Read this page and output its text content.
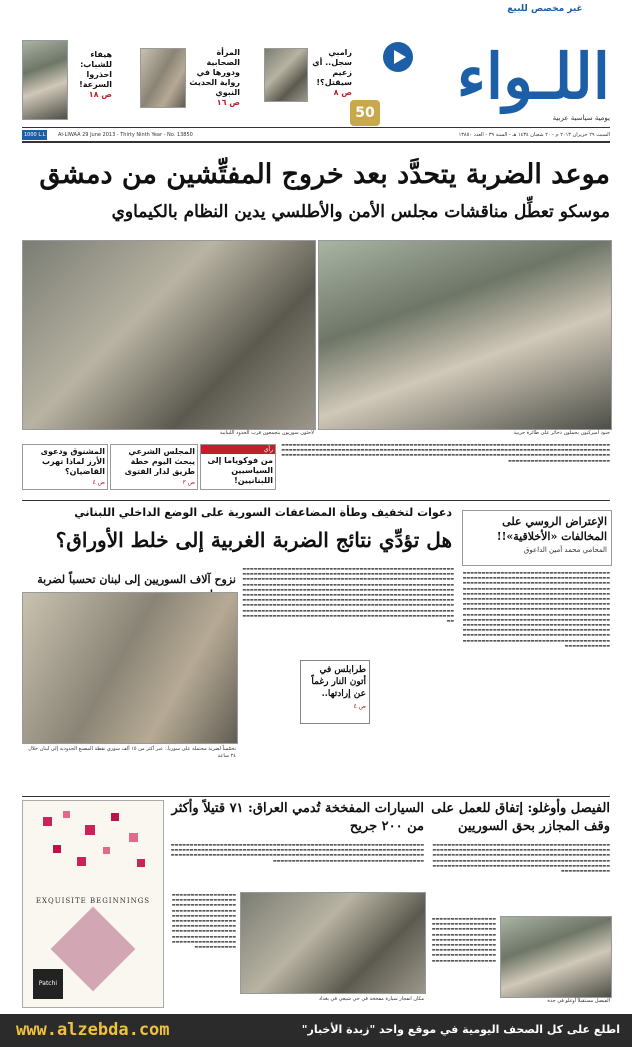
غير مخصص للبيع
اللـواء
يومية سياسية عربية
50
رامبي سجل.. أي زعيم سيقتل؟!
ص ٨
المرأة الصحابية ودورها في رواية الحديث النبوي
ص ١٦
هيفاء للشباب: احذروا السرعة!
ص ١٨
1000 L.L	Al-LIWAA 29 June 2013 - Thirty Ninth Year - No. 13850	السبت ٢٩ حزيران ٢٠١٣ م - ٢٠ شعبان ١٤٣٤ هـ - السنة ٣٩ - العدد ١٣٨٥٠
موعد الضربة يتحدَّد بعد خروج المفتِّشين من دمشق
موسكو تعطِّل مناقشات مجلس الأمن والأطلسي يدين النظام بالكيماوي
لاجئون سوريون يتجمعون قرب الحدود اللبنانية	جنود أميركيون يحملون ذخائر على طائرة حربية
▬▬▬▬▬▬▬▬▬▬▬▬▬▬▬▬▬▬▬▬▬▬▬▬▬▬▬▬▬▬▬▬▬▬▬▬▬▬▬▬▬▬▬▬▬▬▬▬▬▬▬▬▬▬▬▬▬▬▬▬▬▬▬▬▬▬▬▬▬▬▬▬▬▬▬▬▬▬▬▬▬▬▬▬▬▬▬▬▬▬▬▬▬▬▬▬▬▬▬▬▬▬▬▬▬▬▬▬▬▬▬▬▬▬▬▬▬▬▬▬▬▬▬▬▬▬▬▬▬▬▬▬▬▬▬▬▬▬▬▬▬▬▬▬▬▬▬▬▬▬▬▬▬▬▬▬▬▬▬▬▬▬▬▬▬▬▬▬▬▬▬▬▬▬▬▬▬▬▬▬▬▬▬▬▬▬▬▬▬▬▬▬▬▬▬▬▬▬▬▬▬▬▬▬▬▬▬▬▬▬▬▬▬▬▬▬▬▬▬▬▬▬▬▬▬▬▬▬▬▬▬▬▬▬▬▬▬▬▬▬▬▬▬▬▬▬▬▬▬▬▬▬▬▬▬▬▬▬▬▬▬▬▬▬▬▬▬▬▬▬▬▬▬▬▬▬▬▬▬▬▬▬▬▬▬▬▬▬
رأي
من فوكوياما إلى السياسيين اللبنانيين!
المجلس الشرعي يبحث اليوم خطة طريق لدار الفتوى
ص ٣
المشنوق ودعوى الأرز لماذا تهرب القاضيان؟
ص ٤
دعوات لتخفيف وطأة المضاعفات السورية على الوضع الداخلي اللبناني
هل تؤدِّي نتائج الضربة الغربية إلى خلط الأوراق؟
الإعتراض الروسي على المخالفات «الأخلاقية»!!
المحامي محمد أمين الداعوق
▬▬▬▬▬▬▬▬▬▬▬▬▬▬▬▬▬▬▬▬▬▬▬▬▬▬▬▬▬▬▬▬▬▬▬▬▬▬▬▬▬▬▬▬▬▬▬▬▬▬▬▬▬▬▬▬▬▬▬▬▬▬▬▬▬▬▬▬▬▬▬▬▬▬▬▬▬▬▬▬▬▬▬▬▬▬▬▬▬▬▬▬▬▬▬▬▬▬▬▬▬▬▬▬▬▬▬▬▬▬▬▬▬▬▬▬▬▬▬▬▬▬▬▬▬▬▬▬▬▬▬▬▬▬▬▬▬▬▬▬▬▬▬▬▬▬▬▬▬▬▬▬▬▬▬▬▬▬▬▬▬▬▬▬▬▬▬▬▬▬▬▬▬▬▬▬▬▬▬▬▬▬▬▬▬▬▬▬▬▬▬▬▬▬▬▬▬▬▬▬▬▬▬▬▬▬▬▬▬▬▬▬▬▬▬▬▬▬▬▬▬▬▬▬▬▬▬▬▬▬▬▬▬▬▬▬▬▬▬▬▬▬▬▬▬▬▬▬▬▬▬▬▬▬▬▬▬▬▬▬▬▬▬▬▬▬▬▬▬▬▬▬▬▬▬▬▬▬▬▬▬▬▬▬▬▬▬▬▬▬▬▬▬▬▬▬▬▬▬▬▬▬▬▬▬▬▬▬▬▬▬▬▬▬▬▬▬▬▬▬▬▬▬▬▬▬▬▬▬▬▬▬▬▬▬▬▬▬▬▬▬▬▬▬▬▬▬▬▬▬▬▬▬▬▬▬▬▬▬▬▬▬▬▬▬▬▬▬▬▬▬▬▬▬▬▬▬▬▬▬▬▬▬▬▬▬▬▬▬▬▬▬▬▬▬▬▬▬▬▬▬▬▬▬▬▬▬▬▬▬▬▬▬▬▬▬▬▬▬▬▬▬▬▬▬▬▬▬▬▬▬▬▬▬▬▬▬▬▬▬▬▬▬▬▬▬▬▬▬▬▬▬▬▬▬▬▬▬▬▬▬▬▬▬▬▬▬▬▬▬▬▬▬▬▬▬▬▬▬▬▬▬▬▬▬▬▬▬▬▬▬▬▬▬▬▬▬▬▬▬▬▬▬▬▬▬▬▬▬▬▬▬▬▬▬▬▬▬▬▬▬▬▬▬▬▬▬▬▬▬▬▬▬▬▬▬▬▬▬▬▬▬▬▬▬▬▬▬▬▬▬▬▬▬▬▬▬▬
▬▬▬▬▬▬▬▬▬▬▬▬▬▬▬▬▬▬▬▬▬▬▬▬▬▬▬▬▬▬▬▬▬▬▬▬▬▬▬▬▬▬▬▬▬▬▬▬▬▬▬▬▬▬▬▬▬▬▬▬▬▬▬▬▬▬▬▬▬▬▬▬▬▬▬▬▬▬▬▬▬▬▬▬▬▬▬▬▬▬▬▬▬▬▬▬▬▬▬▬▬▬▬▬▬▬▬▬▬▬▬▬▬▬▬▬▬▬▬▬▬▬▬▬▬▬▬▬▬▬▬▬▬▬▬▬▬▬▬▬▬▬▬▬▬▬▬▬▬▬▬▬▬▬▬▬▬▬▬▬▬▬▬▬▬▬▬▬▬▬▬▬▬▬▬▬▬▬▬▬▬▬▬▬▬▬▬▬▬▬▬▬▬▬▬▬▬▬▬▬▬▬▬▬▬▬▬▬▬▬▬▬▬▬▬▬▬▬▬▬▬▬▬▬▬▬▬▬▬▬▬▬▬▬▬▬▬▬▬▬▬▬▬▬▬▬▬▬▬▬▬▬▬▬▬▬▬▬▬▬▬▬▬▬▬▬▬▬▬▬▬▬▬▬▬▬▬▬▬▬▬▬▬▬▬▬▬▬▬▬▬▬▬▬▬▬▬▬▬▬▬▬▬▬▬▬▬▬▬▬▬▬▬▬▬▬▬▬▬▬▬▬▬▬▬▬▬▬▬▬▬▬▬▬▬▬▬▬▬▬▬▬▬▬▬▬▬▬▬▬▬▬▬▬▬▬▬▬▬▬▬▬▬▬▬▬▬▬▬▬▬▬▬▬▬▬▬▬▬▬▬▬▬▬▬▬▬▬▬▬▬▬▬▬▬▬▬▬▬▬▬▬▬▬▬▬▬▬▬▬▬▬▬▬▬▬▬▬▬▬▬▬▬▬▬▬▬▬▬▬▬▬▬▬▬▬▬▬▬▬▬▬▬▬▬▬▬▬▬▬▬▬▬▬▬▬▬▬▬▬▬▬▬▬▬▬▬▬▬▬▬▬▬▬▬▬▬▬▬▬▬▬▬▬▬▬▬▬▬▬▬▬▬▬▬▬▬▬▬▬▬▬▬▬▬▬▬▬▬▬▬▬▬▬▬▬▬▬▬▬▬▬▬▬▬▬▬▬▬▬▬▬▬▬▬▬▬▬▬▬▬▬▬▬▬▬▬▬▬▬▬▬▬▬▬▬▬▬▬▬▬▬
طرابلس في أتون النار رغماً عن إرادتها..
ص ٤
نزوح آلاف السوريين إلى لبنان تحسباً لضربة
تحمّساً لضربة محتملة على سوريا.. عبر أكثر من ١٥ ألف سوري نقطة المصنع الحدودية إلى لبنان خلال ٢٤ ساعة
الفيصل وأوغلو: إتفاق للعمل على وقف المجازر بحق السوريين
▬▬▬▬▬▬▬▬▬▬▬▬▬▬▬▬▬▬▬▬▬▬▬▬▬▬▬▬▬▬▬▬▬▬▬▬▬▬▬▬▬▬▬▬▬▬▬▬▬▬▬▬▬▬▬▬▬▬▬▬▬▬▬▬▬▬▬▬▬▬▬▬▬▬▬▬▬▬▬▬▬▬▬▬▬▬▬▬▬▬▬▬▬▬▬▬▬▬▬▬▬▬▬▬▬▬▬▬▬▬▬▬▬▬▬▬▬▬▬▬▬▬▬▬▬▬▬▬▬▬▬▬▬▬▬▬▬▬▬▬▬▬▬▬▬▬▬▬▬▬▬▬▬▬▬▬▬▬▬▬▬▬▬▬▬▬▬▬▬▬▬▬▬▬▬▬▬▬▬▬▬▬▬▬▬▬▬▬▬▬▬▬▬▬▬▬▬▬▬▬▬▬▬▬▬▬▬▬▬▬▬▬▬▬▬▬▬▬▬▬▬▬▬▬▬▬▬▬▬▬▬▬▬▬▬▬▬▬▬▬▬▬▬▬▬▬▬▬
الفيصل مستقبلاً أوغلو في جدة
▬▬▬▬▬▬▬▬▬▬▬▬▬▬▬▬▬▬▬▬▬▬▬▬▬▬▬▬▬▬▬▬▬▬▬▬▬▬▬▬▬▬▬▬▬▬▬▬▬▬▬▬▬▬▬▬▬▬▬▬▬▬▬▬▬▬▬▬▬▬▬▬▬▬▬▬▬▬▬▬▬▬▬▬▬▬▬▬▬▬▬▬▬▬▬▬▬▬▬▬▬▬▬▬▬▬▬▬▬▬▬▬▬▬▬▬▬▬▬▬▬▬▬▬▬▬▬▬▬▬▬▬▬▬▬▬▬▬▬▬▬▬▬▬▬▬▬▬▬▬▬▬▬
السيارات المفخخة تُدمي العراق: ٧١ قتيلاً وأكثر من ٢٠٠ جريح
▬▬▬▬▬▬▬▬▬▬▬▬▬▬▬▬▬▬▬▬▬▬▬▬▬▬▬▬▬▬▬▬▬▬▬▬▬▬▬▬▬▬▬▬▬▬▬▬▬▬▬▬▬▬▬▬▬▬▬▬▬▬▬▬▬▬▬▬▬▬▬▬▬▬▬▬▬▬▬▬▬▬▬▬▬▬▬▬▬▬▬▬▬▬▬▬▬▬▬▬▬▬▬▬▬▬▬▬▬▬▬▬▬▬▬▬▬▬▬▬▬▬▬▬▬▬▬▬▬▬▬▬▬▬▬▬▬▬▬▬▬▬▬▬▬▬▬▬▬▬▬▬▬▬▬▬▬▬▬▬▬▬▬▬▬▬▬▬▬▬▬▬▬▬▬▬▬▬▬▬▬▬▬▬▬▬▬▬▬▬▬▬▬▬▬▬▬▬▬▬▬▬▬▬▬▬▬▬▬▬▬▬▬▬▬▬▬▬▬▬▬▬▬▬▬▬▬▬▬▬▬▬▬▬▬▬▬▬▬▬▬
مكان انفجار سيارة مفخخة في حي شيعي في بغداد
▬▬▬▬▬▬▬▬▬▬▬▬▬▬▬▬▬▬▬▬▬▬▬▬▬▬▬▬▬▬▬▬▬▬▬▬▬▬▬▬▬▬▬▬▬▬▬▬▬▬▬▬▬▬▬▬▬▬▬▬▬▬▬▬▬▬▬▬▬▬▬▬▬▬▬▬▬▬▬▬▬▬▬▬▬▬▬▬▬▬▬▬▬▬▬▬▬▬▬▬▬▬▬▬▬▬▬▬▬▬▬▬▬▬▬▬▬▬▬▬▬▬▬▬▬▬▬▬▬▬▬▬▬▬▬▬▬▬▬▬▬▬▬▬▬▬▬▬▬▬▬▬▬▬▬▬▬▬▬▬▬▬▬▬▬▬▬▬▬▬▬▬▬▬▬▬▬▬▬▬▬
EXQUISITE BEGINNINGS
Patchi
www.alzebda.com	اطلع على كل الصحف اليومية في موقع واحد "زبدة الأخبار"
